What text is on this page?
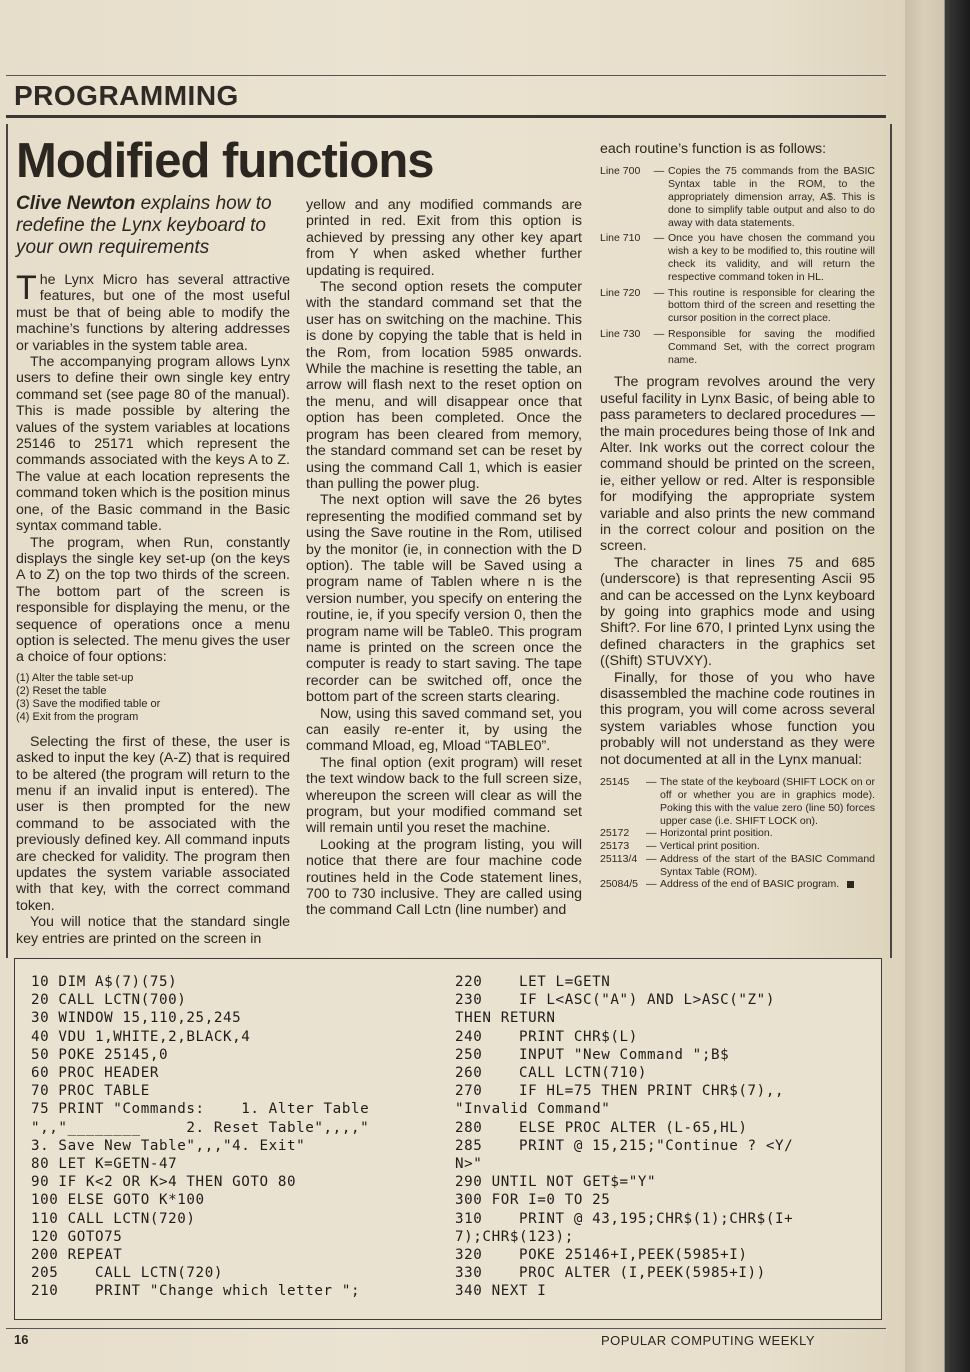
PROGRAMMING
Modified functions
Clive Newton explains how to redefine the Lynx keyboard to your own requirements

The Lynx Micro has several attractive features, but one of the most useful must be that of being able to modify the machine’s functions by altering addresses or variables in the system table area.

The accompanying program allows Lynx users to define their own single key entry command set (see page 80 of the manual). This is made possible by altering the values of the system variables at locations 25146 to 25171 which represent the commands associated with the keys A to Z. The value at each location represents the command token which is the position minus one, of the Basic command in the Basic syntax command table.

The program, when Run, constantly displays the single key set-up (on the keys A to Z) on the top two thirds of the screen. The bottom part of the screen is responsible for displaying the menu, or the sequence of operations once a menu option is selected. The menu gives the user a choice of four options:

(1) Alter the table set-up
(2) Reset the table
(3) Save the modified table or
(4) Exit from the program

Selecting the first of these, the user is asked to input the key (A-Z) that is required to be altered (the program will return to the menu if an invalid input is entered). The user is then prompted for the new command to be associated with the previously defined key. All command inputs are checked for validity. The program then updates the system variable associated with that key, with the correct command token.

You will notice that the standard single key entries are printed on the screen in

yellow and any modified commands are printed in red. Exit from this option is achieved by pressing any other key apart from Y when asked whether further updating is required.

The second option resets the computer with the standard command set that the user has on switching on the machine. This is done by copying the table that is held in the Rom, from location 5985 onwards. While the machine is resetting the table, an arrow will flash next to the reset option on the menu, and will disappear once that option has been completed. Once the program has been cleared from memory, the standard command set can be reset by using the command Call 1, which is easier than pulling the power plug.

The next option will save the 26 bytes representing the modified command set by using the Save routine in the Rom, utilised by the monitor (ie, in connection with the D option). The table will be Saved using a program name of Tablen where n is the version number, you specify on entering the routine, ie, if you specify version 0, then the program name will be Table0. This program name is printed on the screen once the computer is ready to start saving. The tape recorder can be switched off, once the bottom part of the screen starts clearing.

Now, using this saved command set, you can easily re-enter it, by using the command Mload, eg, Mload “TABLE0”.

The final option (exit program) will reset the text window back to the full screen size, whereupon the screen will clear as will the program, but your modified command set will remain until you reset the machine.

Looking at the program listing, you will notice that there are four machine code routines held in the Code statement lines, 700 to 730 inclusive. They are called using the command Call Lctn (line number) and

each routine’s function is as follows:

Line 700	— Copies the 75 commands from the BASIC Syntax table in the ROM, to the appropriately dimension array, A$. This is done to simplify table output and also to do away with data statements.
Line 710	— Once you have chosen the command you wish a key to be modified to, this routine will check its validity, and will return the respective command token in HL.
Line 720	— This routine is responsible for clearing the bottom third of the screen and resetting the cursor position in the correct place.
Line 730	— Responsible for saving the modified Command Set, with the correct program name.

The program revolves around the very useful facility in Lynx Basic, of being able to pass parameters to declared procedures — the main procedures being those of Ink and Alter. Ink works out the correct colour the command should be printed on the screen, ie, either yellow or red. Alter is responsible for modifying the appropriate system variable and also prints the new command in the correct colour and position on the screen.

The character in lines 75 and 685 (underscore) is that representing Ascii 95 and can be accessed on the Lynx keyboard by going into graphics mode and using Shift?. For line 670, I printed Lynx using the defined characters in the graphics set ((Shift) STUVXY).

Finally, for those of you who have disassembled the machine code routines in this program, you will come across several system variables whose function you probably will not understand as they were not documented at all in the Lynx manual:

25145	— The state of the keyboard (SHIFT LOCK on or off or whether you are in graphics mode). Poking this with the value zero (line 50) forces upper case (i.e. SHIFT LOCK on).
25172	— Horizontal print position.
25173	— Vertical print position.
25113/4 — Address of the start of the BASIC Command Syntax Table (ROM).
25084/5 — Address of the end of BASIC program.
10 DIM A$(7)(75)
20 CALL LCTN(700)
30 WINDOW 15,110,25,245
40 VDU 1,WHITE,2,BLACK,4
50 POKE 25145,0
60 PROC HEADER
70 PROC TABLE
75 PRINT "Commands:    1. Alter Table
",,"________     2. Reset Table",,,,"
3. Save New Table",,,"4. Exit"
80 LET K=GETN-47
90 IF K<2 OR K>4 THEN GOTO 80
100 ELSE GOTO K*100
110 CALL LCTN(720)
120 GOTO75
200 REPEAT
205    CALL LCTN(720)
210    PRINT "Change which letter ";
220    LET L=GETN
230    IF L<ASC("A") AND L>ASC("Z")
THEN RETURN
240    PRINT CHR$(L)
250    INPUT "New Command ";B$
260    CALL LCTN(710)
270    IF HL=75 THEN PRINT CHR$(7),,
"Invalid Command"
280    ELSE PROC ALTER (L-65,HL)
285    PRINT @ 15,215;"Continue ? <Y/
N>"
290 UNTIL NOT GET$="Y"
300 FOR I=0 TO 25
310    PRINT @ 43,195;CHR$(1);CHR$(I+
7);CHR$(123);
320    POKE 25146+I,PEEK(5985+I)
330    PROC ALTER (I,PEEK(5985+I))
340 NEXT I
16	POPULAR COMPUTING WEEKLY
